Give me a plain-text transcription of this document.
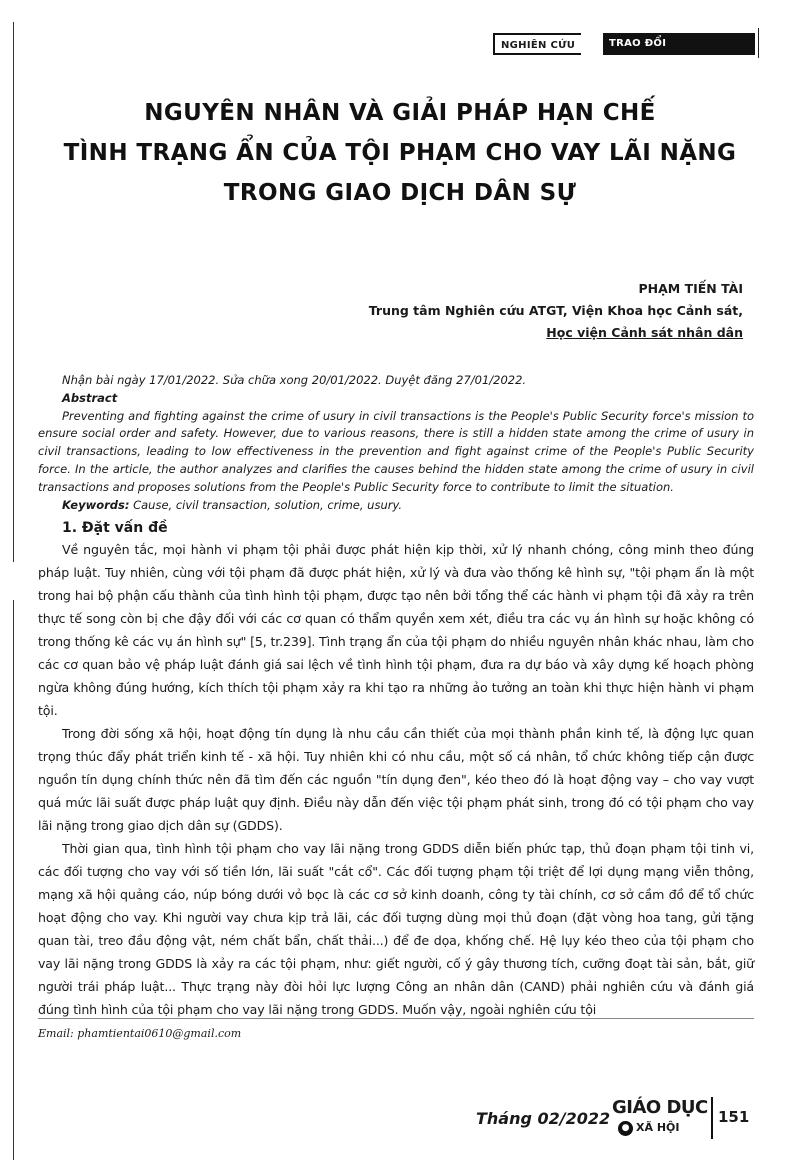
NGHIÊN CỨU	TRAO ĐỔI
NGUYÊN NHÂN VÀ GIẢI PHÁP HẠN CHẾ
TÌNH TRẠNG ẨN CỦA TỘI PHẠM CHO VAY LÃI NẶNG
TRONG GIAO DỊCH DÂN SỰ
PHẠM TIẾN TÀI
Trung tâm Nghiên cứu ATGT, Viện Khoa học Cảnh sát,
Học viện Cảnh sát nhân dân

Nhận bài ngày 17/01/2022. Sửa chữa xong 20/01/2022. Duyệt đăng 27/01/2022.

Abstract

Preventing and fighting against the crime of usury in civil transactions is the People's Public Security force's mission to ensure social order and safety. However, due to various reasons, there is still a hidden state among the crime of usury in civil transactions, leading to low effectiveness in the prevention and fight against crime of the People's Public Security force. In the article, the author analyzes and clarifies the causes behind the hidden state among the crime of usury in civil transactions and proposes solutions from the People's Public Security force to contribute to limit the situation.

Keywords: Cause, civil transaction, solution, crime, usury.

1. Đặt vấn đề

Về nguyên tắc, mọi hành vi phạm tội phải được phát hiện kịp thời, xử lý nhanh chóng, công minh theo đúng pháp luật. Tuy nhiên, cùng với tội phạm đã được phát hiện, xử lý và đưa vào thống kê hình sự, "tội phạm ẩn là một trong hai bộ phận cấu thành của tình hình tội phạm, được tạo nên bởi tổng thể các hành vi phạm tội đã xảy ra trên thực tế song còn bị che đậy đối với các cơ quan có thẩm quyền xem xét, điều tra các vụ án hình sự hoặc không có trong thống kê các vụ án hình sự" [5, tr.239]. Tình trạng ẩn của tội phạm do nhiều nguyên nhân khác nhau, làm cho các cơ quan bảo vệ pháp luật đánh giá sai lệch về tình hình tội phạm, đưa ra dự báo và xây dựng kế hoạch phòng ngừa không đúng hướng, kích thích tội phạm xảy ra khi tạo ra những ảo tưởng an toàn khi thực hiện hành vi phạm tội.

Trong đời sống xã hội, hoạt động tín dụng là nhu cầu cần thiết của mọi thành phần kinh tế, là động lực quan trọng thúc đẩy phát triển kinh tế - xã hội. Tuy nhiên khi có nhu cầu, một số cá nhân, tổ chức không tiếp cận được nguồn tín dụng chính thức nên đã tìm đến các nguồn "tín dụng đen", kéo theo đó là hoạt động vay – cho vay vượt quá mức lãi suất được pháp luật quy định. Điều này dẫn đến việc tội phạm phát sinh, trong đó có tội phạm cho vay lãi nặng trong giao dịch dân sự (GDDS).

Thời gian qua, tình hình tội phạm cho vay lãi nặng trong GDDS diễn biến phức tạp, thủ đoạn phạm tội tinh vi, các đối tượng cho vay với số tiền lớn, lãi suất "cắt cổ". Các đối tượng phạm tội triệt để lợi dụng mạng viễn thông, mạng xã hội quảng cáo, núp bóng dưới vỏ bọc là các cơ sở kinh doanh, công ty tài chính, cơ sở cầm đồ để tổ chức hoạt động cho vay. Khi người vay chưa kịp trả lãi, các đối tượng dùng mọi thủ đoạn (đặt vòng hoa tang, gửi tặng quan tài, treo đầu động vật, ném chất bẩn, chất thải...) để đe dọa, khống chế. Hệ lụy kéo theo của tội phạm cho vay lãi nặng trong GDDS là xảy ra các tội phạm, như: giết người, cố ý gây thương tích, cưỡng đoạt tài sản, bắt, giữ người trái pháp luật... Thực trạng này đòi hỏi lực lượng Công an nhân dân (CAND) phải nghiên cứu và đánh giá đúng tình hình của tội phạm cho vay lãi nặng trong GDDS. Muốn vậy, ngoài nghiên cứu tội

Email: phamtientai0610@gmail.com
Tháng 02/2022
GIÁO DỤC
● XÃ HỘI
151
